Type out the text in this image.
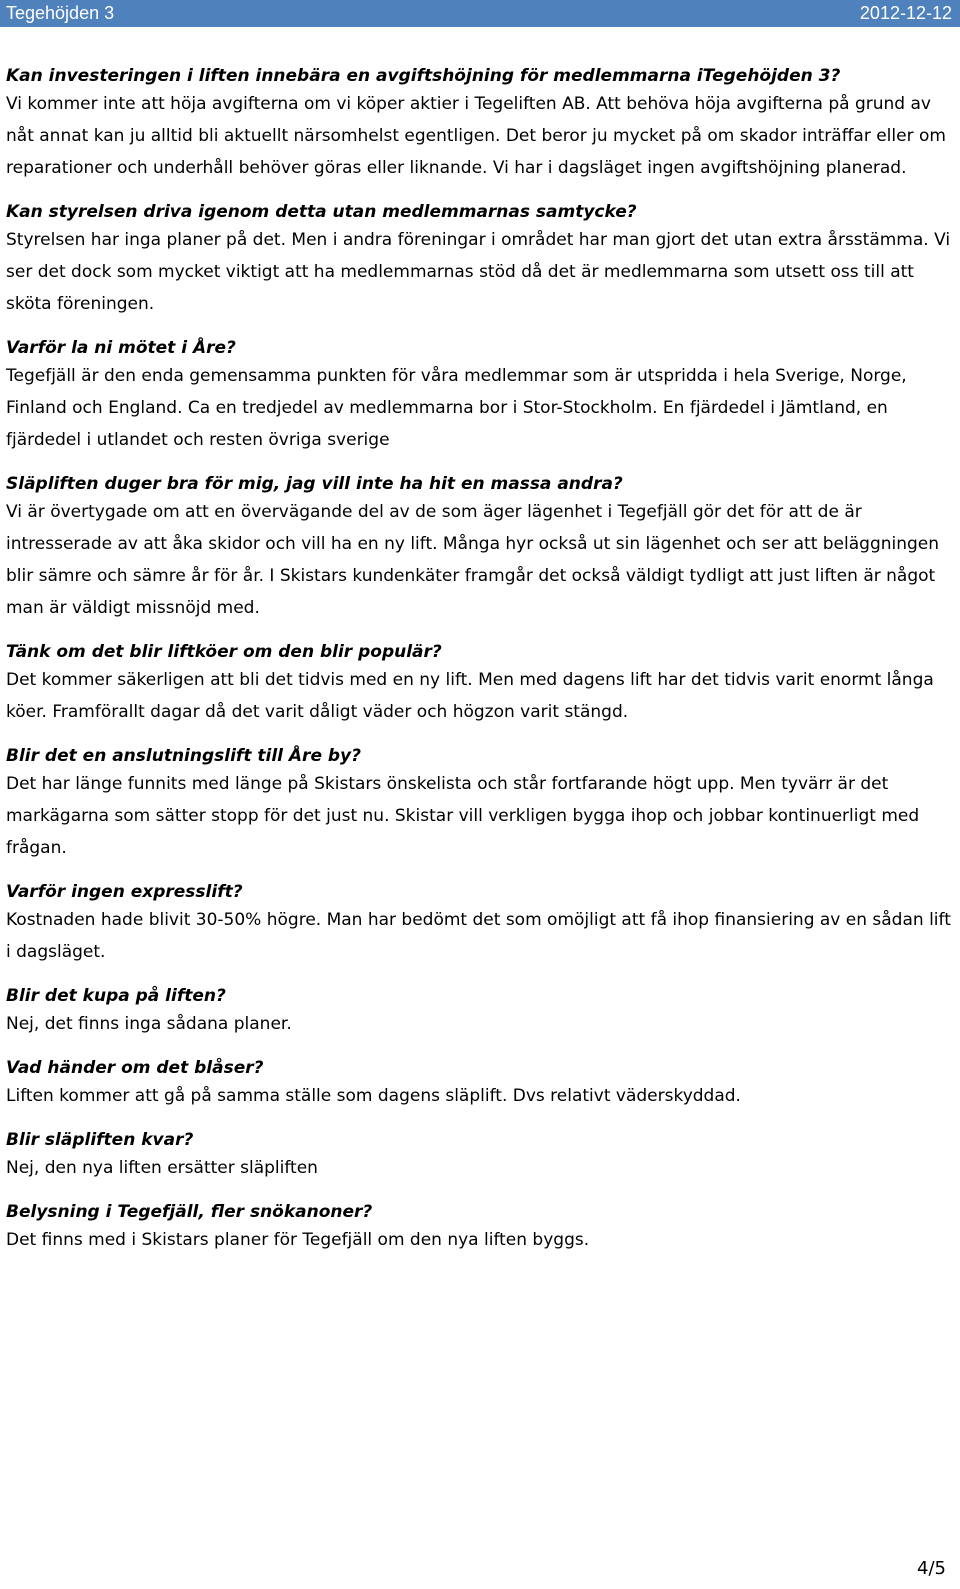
Tegehöjden 3	2012-12-12

Kan investeringen i liften innebära en avgiftshöjning för medlemmarna iTegehöjden 3?

Vi kommer inte att höja avgifterna om vi köper aktier i Tegeliften AB. Att behöva höja avgifterna på grund av nåt annat kan ju alltid bli aktuellt närsomhelst egentligen. Det beror ju mycket på om skador inträffar eller om reparationer och underhåll behöver göras eller liknande. Vi har i dagsläget ingen avgiftshöjning planerad.

Kan styrelsen driva igenom detta utan medlemmarnas samtycke?

Styrelsen har inga planer på det. Men i andra föreningar i området har man gjort det utan extra årsstämma. Vi ser det dock som mycket viktigt att ha medlemmarnas stöd då det är medlemmarna som utsett oss till att sköta föreningen.

Varför la ni mötet i Åre?

Tegefjäll är den enda gemensamma punkten för våra medlemmar som är utspridda i hela Sverige, Norge, Finland och England. Ca en tredjedel av medlemmarna bor i Stor-Stockholm. En fjärdedel i Jämtland, en fjärdedel i utlandet och resten övriga sverige

Släpliften duger bra för mig, jag vill inte ha hit en massa andra?

Vi är övertygade om att en övervägande del av de som äger lägenhet i Tegefjäll gör det för att de är intresserade av att åka skidor och vill ha en ny lift. Många hyr också ut sin lägenhet och ser att beläggningen blir sämre och sämre år för år. I Skistars kundenkäter framgår det också väldigt tydligt att just liften är något man är väldigt missnöjd med.

Tänk om det blir liftköer om den blir populär?

Det kommer säkerligen att bli det tidvis med en ny lift. Men med dagens lift har det tidvis varit enormt långa köer. Framförallt dagar då det varit dåligt väder och högzon varit stängd.

Blir det en anslutningslift till Åre by?

Det har länge funnits med länge på Skistars önskelista och står fortfarande högt upp. Men tyvärr är det markägarna som sätter stopp för det just nu. Skistar vill verkligen bygga ihop och jobbar kontinuerligt med frågan.

Varför ingen expresslift?

Kostnaden hade blivit 30-50% högre. Man har bedömt det som omöjligt att få ihop finansiering av en sådan lift i dagsläget.

Blir det kupa på liften?

Nej, det finns inga sådana planer.

Vad händer om det blåser?

Liften kommer att gå på samma ställe som dagens släplift. Dvs relativt väderskyddad.

Blir släpliften kvar?

Nej, den nya liften ersätter släpliften

Belysning i Tegefjäll, fler snökanoner?

Det finns med i Skistars planer för Tegefjäll om den nya liften byggs.

4/5
